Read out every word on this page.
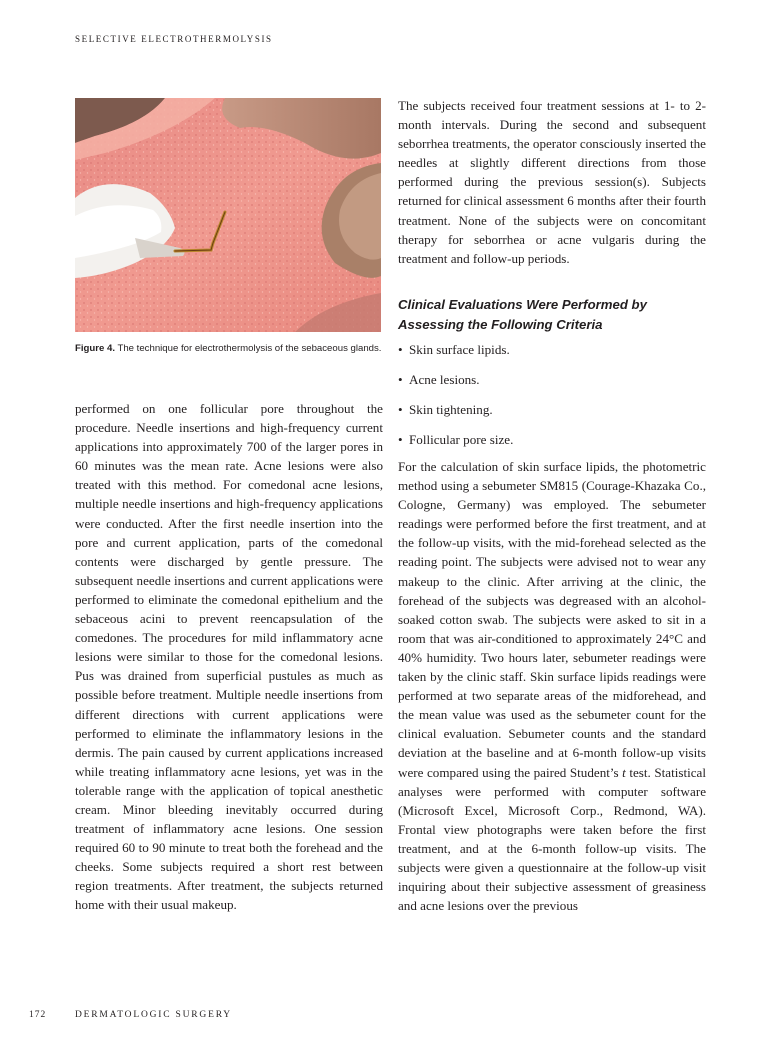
SELECTIVE ELECTROTHERMOLYSIS
Figure 4. The technique for electrothermolysis of the sebaceous glands.

performed on one follicular pore throughout the procedure. Needle insertions and high-frequency current applications into approximately 700 of the larger pores in 60 minutes was the mean rate. Acne lesions were also treated with this method. For comedonal acne lesions, multiple needle insertions and high-frequency applications were conducted. After the first needle insertion into the pore and current application, parts of the comedonal contents were discharged by gentle pressure. The subsequent needle insertions and current applications were performed to eliminate the comedonal epithelium and the sebaceous acini to prevent reencapsulation of the comedones. The procedures for mild inflammatory acne lesions were similar to those for the comedonal lesions. Pus was drained from superficial pustules as much as possible before treatment. Multiple needle insertions from different directions with current applications were performed to eliminate the inflammatory lesions in the dermis. The pain caused by current applications increased while treating inflammatory acne lesions, yet was in the tolerable range with the application of topical anesthetic cream. Minor bleeding inevitably occurred during treatment of inflammatory acne lesions. One session required 60 to 90 minute to treat both the forehead and the cheeks. Some subjects required a short rest between region treatments. After treatment, the subjects returned home with their usual makeup.

The subjects received four treatment sessions at 1- to 2-month intervals. During the second and subsequent seborrhea treatments, the operator consciously inserted the needles at slightly different directions from those performed during the previous session(s). Subjects returned for clinical assessment 6 months after their fourth treatment. None of the subjects were on concomitant therapy for seborrhea or acne vulgaris during the treatment and follow-up periods.

Clinical Evaluations Were Performed by Assessing the Following Criteria
• Skin surface lipids.
• Acne lesions.
• Skin tightening.
• Follicular pore size.

For the calculation of skin surface lipids, the photometric method using a sebumeter SM815 (Courage-Khazaka Co., Cologne, Germany) was employed. The sebumeter readings were performed before the first treatment, and at the follow-up visits, with the mid-forehead selected as the reading point. The subjects were advised not to wear any makeup to the clinic. After arriving at the clinic, the forehead of the subjects was degreased with an alcohol-soaked cotton swab. The subjects were asked to sit in a room that was air-conditioned to approximately 24°C and 40% humidity. Two hours later, sebumeter readings were taken by the clinic staff. Skin surface lipids readings were performed at two separate areas of the midforehead, and the mean value was used as the sebumeter count for the clinical evaluation. Sebumeter counts and the standard deviation at the baseline and at 6-month follow-up visits were compared using the paired Student’s t test. Statistical analyses were performed with computer software (Microsoft Excel, Microsoft Corp., Redmond, WA). Frontal view photographs were taken before the first treatment, and at the 6-month follow-up visits. The subjects were given a questionnaire at the follow-up visit inquiring about their subjective assessment of greasiness and acne lesions over the previous

172	DERMATOLOGIC SURGERY
